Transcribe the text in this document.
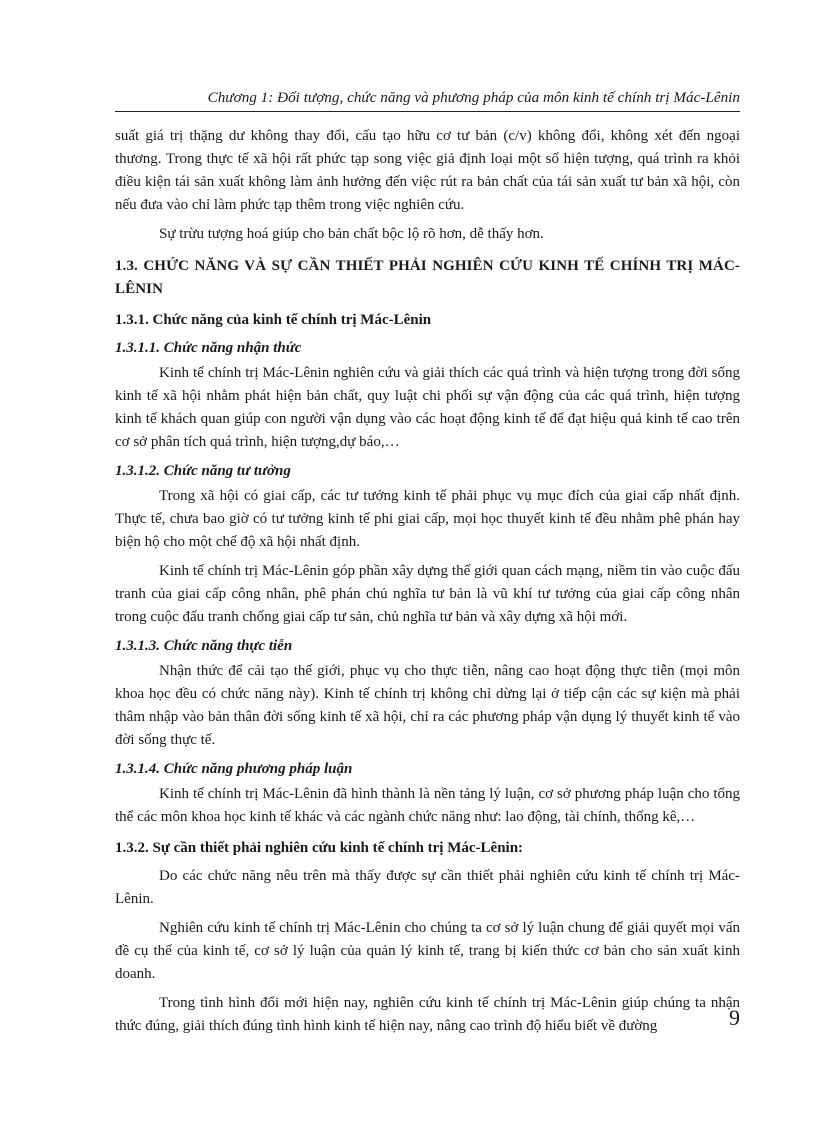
Chương 1: Đối tượng, chức năng và phương pháp của môn kinh tế chính trị Mác-Lênin

suất giá trị thặng dư không thay đổi, cấu tạo hữu cơ tư bản (c/v) không đổi, không xét đến ngoại thương. Trong thực tế xã hội rất phức tạp song việc giả định loại một số hiện tượng, quá trình ra khỏi điều kiện tái sản xuất không làm ảnh hưởng đến việc rút ra bản chất của tái sản xuất tư bản xã hội, còn nếu đưa vào chỉ làm phức tạp thêm trong việc nghiên cứu.

Sự trừu tượng hoá giúp cho bản chất bộc lộ rõ hơn, dễ thấy hơn.

1.3. CHỨC NĂNG VÀ SỰ CẦN THIẾT PHẢI NGHIÊN CỨU KINH TẾ CHÍNH TRỊ MÁC-LÊNIN
1.3.1. Chức năng của kinh tế chính trị Mác-Lênin
1.3.1.1. Chức năng nhận thức

Kinh tế chính trị Mác-Lênin nghiên cứu và giải thích các quá trình và hiện tượng trong đời sống kinh tế xã hội nhằm phát hiện bản chất, quy luật chi phối sự vận động của các quá trình, hiện tượng kinh tế khách quan giúp con người vận dụng vào các hoạt động kinh tế để đạt hiệu quả kinh tế cao trên cơ sở phân tích quá trình, hiện tượng,dự báo,…

1.3.1.2. Chức năng tư tưởng

Trong xã hội có giai cấp, các tư tưởng kinh tế phải phục vụ mục đích của giai cấp nhất định. Thực tế, chưa bao giờ có tư tưởng kinh tế phi giai cấp, mọi học thuyết kinh tế đều nhằm phê phán hay biện hộ cho một chế độ xã hội nhất định.

Kinh tế chính trị Mác-Lênin góp phần xây dựng thế giới quan cách mạng, niềm tin vào cuộc đấu tranh của giai cấp công nhân, phê phán chủ nghĩa tư bản là vũ khí tư tưởng của giai cấp công nhân trong cuộc đấu tranh chống giai cấp tư sản, chủ nghĩa tư bản và xây dựng xã hội mới.

1.3.1.3. Chức năng thực tiễn

Nhận thức để cải tạo thế giới, phục vụ cho thực tiễn, nâng cao hoạt động thực tiễn (mọi môn khoa học đều có chức năng này). Kinh tế chính trị không chỉ dừng lại ở tiếp cận các sự kiện mà phải thâm nhập vào bản thân đời sống kinh tế xã hội, chỉ ra các phương pháp vận dụng lý thuyết kinh tế vào đời sống thực tế.

1.3.1.4. Chức năng phương pháp luận

Kinh tế chính trị Mác-Lênin đã hình thành là nền tảng lý luận, cơ sở phương pháp luận cho tổng thể các môn khoa học kinh tế khác và các ngành chức năng như: lao động, tài chính, thống kê,…

1.3.2. Sự cần thiết phải nghiên cứu kinh tế chính trị Mác-Lênin:

Do các chức năng nêu trên mà thấy được sự cần thiết phải nghiên cứu kinh tế chính trị Mác-Lênin.

Nghiên cứu kinh tế chính trị Mác-Lênin cho chúng ta cơ sở lý luận chung để giải quyết mọi vấn đề cụ thể của kinh tế, cơ sở lý luận của quản lý kinh tế, trang bị kiến thức cơ bản cho sản xuất kinh doanh.

Trong tình hình đổi mới hiện nay, nghiên cứu kinh tế chính trị Mác-Lênin giúp chúng ta nhận thức đúng, giải thích đúng tình hình kinh tế hiện nay, nâng cao trình độ hiểu biết về đường	9
